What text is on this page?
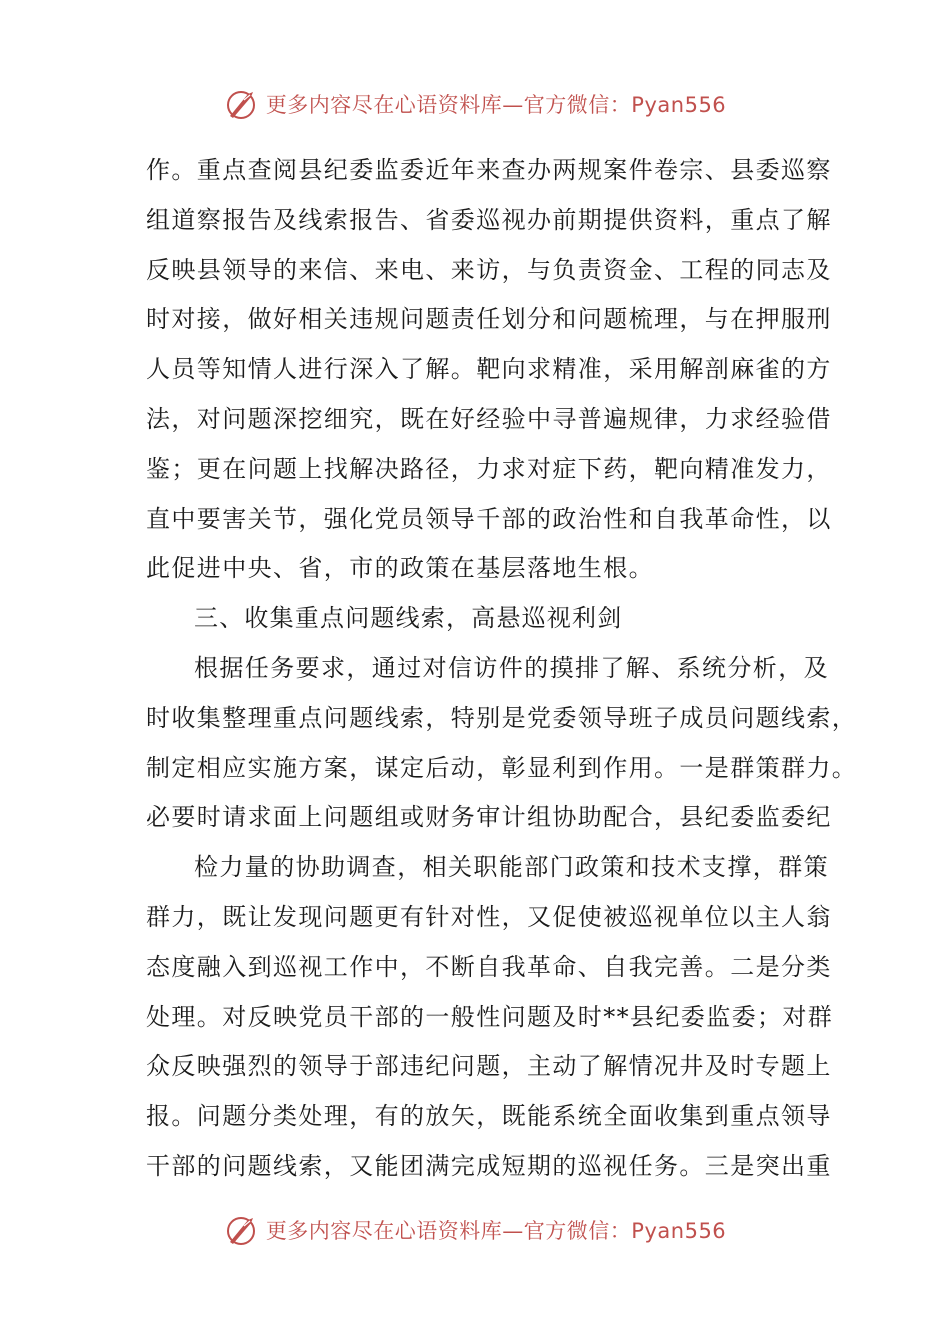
更多内容尽在心语资料库—官方微信：Pyan556
作。重点查阅县纪委监委近年来查办两规案件卷宗、县委巡察
组道察报告及线索报告、省委巡视办前期提供资料，重点了解
反映县领导的来信、来电、来访，与负责资金、工程的同志及
时对接，做好相关违规问题责任划分和问题梳理，与在押服刑
人员等知情人进行深入了解。靶向求精准，采用解剖麻雀的方
法，对问题深挖细究，既在好经验中寻普遍规律，力求经验借
鉴；更在问题上找解决路径，力求对症下药，靶向精准发力，
直中要害关节，强化党员领导千部的政治性和自我革命性，以
此促进中央、省，市的政策在基层落地生根。
三、收集重点问题线索，高悬巡视利剑
根据任务要求，通过对信访件的摸排了解、系统分析，及
时收集整理重点问题线索，特别是党委领导班子成员问题线索，
制定相应实施方案，谋定后动，彰显利到作用。一是群策群力。
必要时请求面上问题组或财务审计组协助配合，县纪委监委纪
检力量的协助调查，相关职能部门政策和技术支撑，群策
群力，既让发现问题更有针对性，又促使被巡视单位以主人翁
态度融入到巡视工作中，不断自我革命、自我完善。二是分类
处理。对反映党员干部的一般性问题及时**县纪委监委；对群
众反映强烈的领导于部违纪问题，主动了解情况井及时专题上
报。问题分类处理，有的放矢，既能系统全面收集到重点领导
干部的问题线索，又能团满完成短期的巡视任务。三是突出重
更多内容尽在心语资料库—官方微信：Pyan556
